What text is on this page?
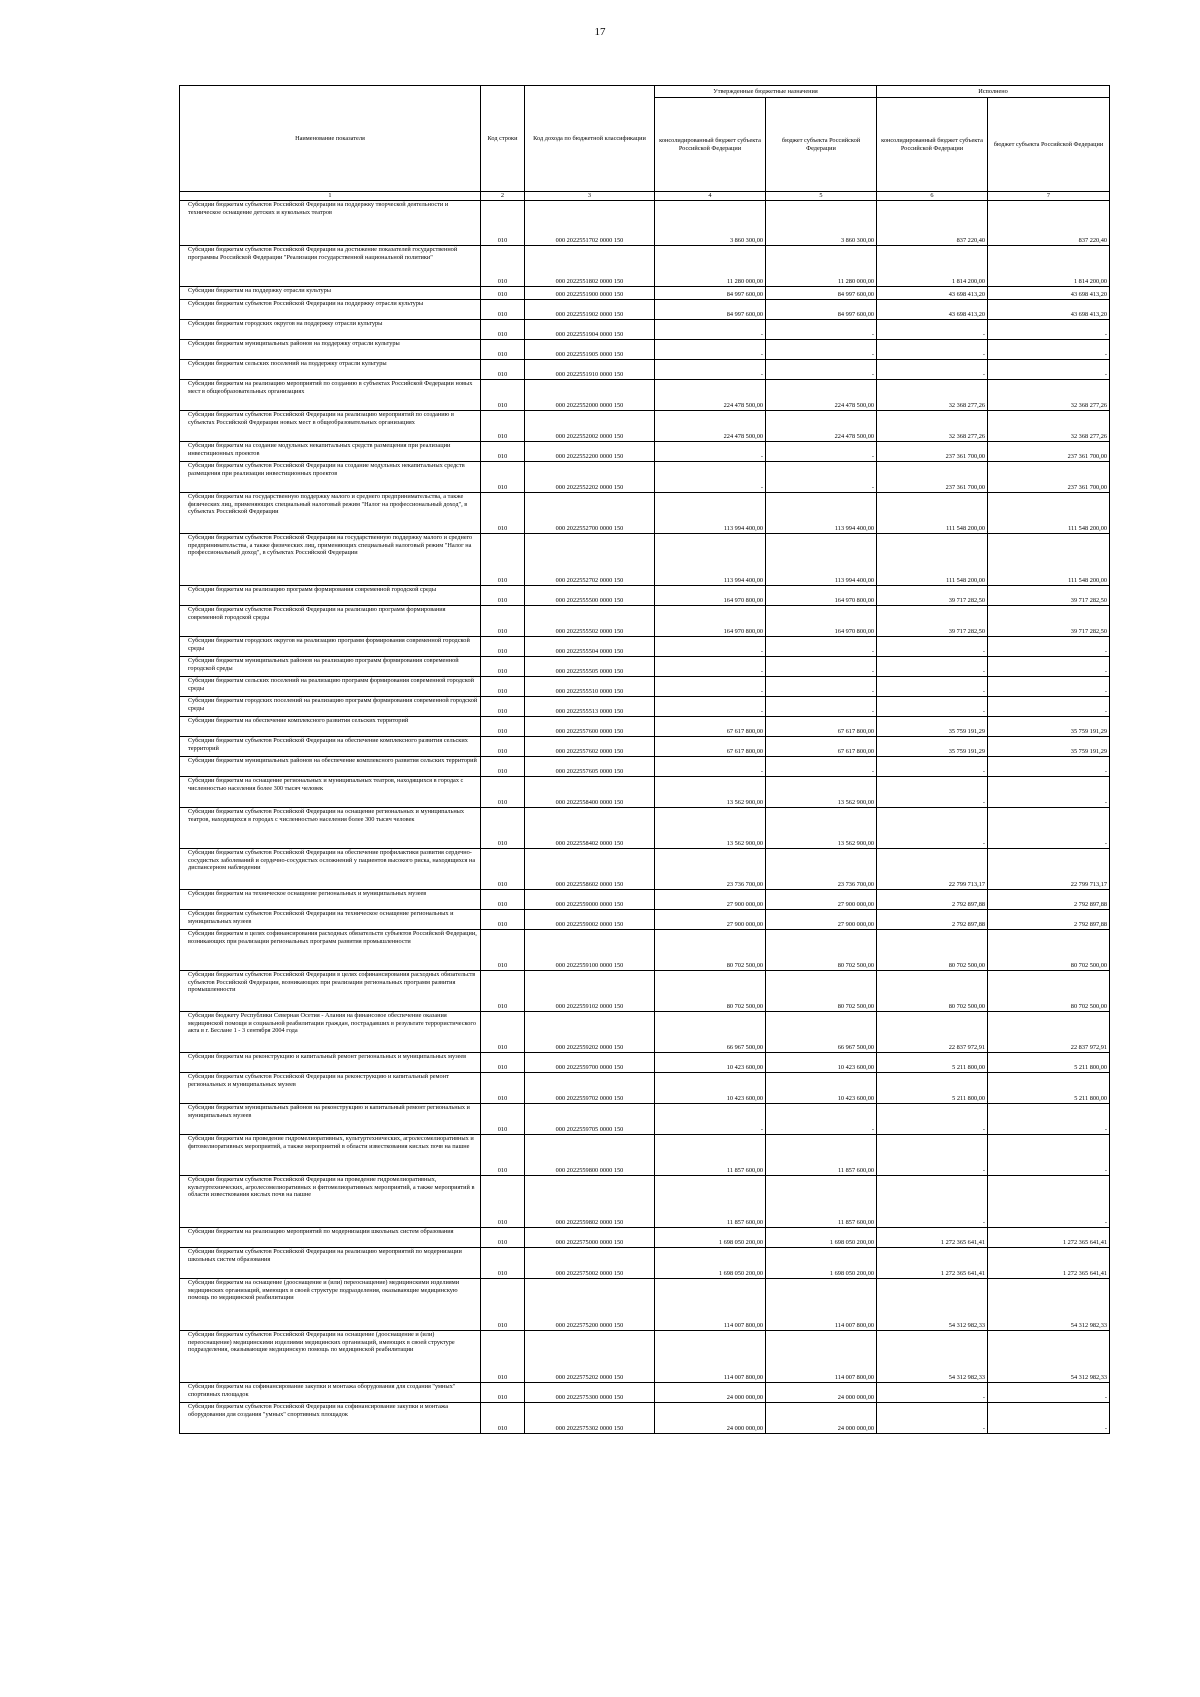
17
Наименование показателя	Код строки	Код дохода по бюджетной классификации	Утвержденные бюджетные назначения		Исполнено	
			консолидированный бюджет субъекта Российской Федерации	бюджет субъекта Российской Федерации	консолидированный бюджет субъекта Российской Федерации	бюджет субъекта Российской Федерации
1	2	3	4	5	6	7
Субсидии бюджетам субъектов Российской Федерации на поддержку творческой деятельности и техническое оснащение детских и кукольных театров	010	000 2022551702 0000 150	3 860 300,00	3 860 300,00	837 220,40	837 220,40
Субсидии бюджетам субъектов Российской Федерации на достижение показателей государственной программы Российской Федерации "Реализация государственной национальной политики"	010	000 2022551802 0000 150	11 280 000,00	11 280 000,00	1 814 200,00	1 814 200,00
Субсидии бюджетам на поддержку отрасли культуры	010	000 2022551900 0000 150	84 997 600,00	84 997 600,00	43 698 413,20	43 698 413,20
Субсидии бюджетам субъектов Российской Федерации на поддержку отрасли культуры	010	000 2022551902 0000 150	84 997 600,00	84 997 600,00	43 698 413,20	43 698 413,20
Субсидии бюджетам городских округов на поддержку отрасли культуры	010	000 2022551904 0000 150	-	-	-	-
Субсидии бюджетам муниципальных районов на поддержку отрасли культуры	010	000 2022551905 0000 150	-	-	-	-
Субсидии бюджетам сельских поселений на поддержку отрасли культуры	010	000 2022551910 0000 150	-	-	-	-
Субсидии бюджетам на реализацию мероприятий по созданию в субъектах Российской Федерации новых мест в общеобразовательных организациях	010	000 2022552000 0000 150	224 478 500,00	224 478 500,00	32 368 277,26	32 368 277,26
Субсидии бюджетам субъектов Российской Федерации на реализацию мероприятий по созданию в субъектах Российской Федерации новых мест в общеобразовательных организациях	010	000 2022552002 0000 150	224 478 500,00	224 478 500,00	32 368 277,26	32 368 277,26
Субсидии бюджетам на создание модульных некапитальных средств размещения при реализации инвестиционных проектов	010	000 2022552200 0000 150	-	-	237 361 700,00	237 361 700,00
Субсидии бюджетам субъектов Российской Федерации на создание модульных некапитальных средств размещения при реализации инвестиционных проектов	010	000 2022552202 0000 150	-	-	237 361 700,00	237 361 700,00
Субсидии бюджетам на государственную поддержку малого и среднего предпринимательства, а также физических лиц, применяющих специальный налоговый режим "Налог на профессиональный доход", в субъектах Российской Федерации	010	000 2022552700 0000 150	113 994 400,00	113 994 400,00	111 548 200,00	111 548 200,00
Субсидии бюджетам субъектов Российской Федерации на государственную поддержку малого и среднего предпринимательства, а также физических лиц, применяющих специальный налоговый режим "Налог на профессиональный доход", в субъектах Российской Федерации	010	000 2022552702 0000 150	113 994 400,00	113 994 400,00	111 548 200,00	111 548 200,00
Субсидии бюджетам на реализацию программ формирования современной городской среды	010	000 2022555500 0000 150	164 970 800,00	164 970 800,00	39 717 282,50	39 717 282,50
Субсидии бюджетам субъектов Российской Федерации на реализацию программ формирования современной городской среды	010	000 2022555502 0000 150	164 970 800,00	164 970 800,00	39 717 282,50	39 717 282,50
Субсидии бюджетам городских округов на реализацию программ формирования современной городской среды	010	000 2022555504 0000 150	-	-	-	-
Субсидии бюджетам муниципальных районов на реализацию программ формирования современной городской среды	010	000 2022555505 0000 150	-	-	-	-
Субсидии бюджетам сельских поселений на реализацию программ формирования современной городской среды	010	000 2022555510 0000 150	-	-	-	-
Субсидии бюджетам городских поселений на реализацию программ формирования современной городской среды	010	000 2022555513 0000 150	-	-	-	-
Субсидии бюджетам на обеспечение комплексного развития сельских территорий	010	000 2022557600 0000 150	67 617 800,00	67 617 800,00	35 759 191,29	35 759 191,29
Субсидии бюджетам субъектов Российской Федерации на обеспечение комплексного развития сельских территорий	010	000 2022557602 0000 150	67 617 800,00	67 617 800,00	35 759 191,29	35 759 191,29
Субсидии бюджетам муниципальных районов на обеспечение комплексного развития сельских территорий	010	000 2022557605 0000 150	-	-	-	-
Субсидии бюджетам на оснащение региональных и муниципальных театров, находящихся в городах с численностью населения более 300 тысяч человек	010	000 2022558400 0000 150	13 562 900,00	13 562 900,00	-	-
Субсидии бюджетам субъектов Российской Федерации на оснащение региональных и муниципальных театров, находящихся в городах с численностью населения более 300 тысяч человек	010	000 2022558402 0000 150	13 562 900,00	13 562 900,00	-	-
Субсидии бюджетам субъектов Российской Федерации на обеспечение профилактики развития сердечно-сосудистых заболеваний и сердечно-сосудистых осложнений у пациентов высокого риска, находящихся на диспансерном наблюдении	010	000 2022558602 0000 150	23 736 700,00	23 736 700,00	22 799 713,17	22 799 713,17
Субсидии бюджетам на техническое оснащение региональных и муниципальных музеев	010	000 2022559000 0000 150	27 900 000,00	27 900 000,00	2 792 897,88	2 792 897,88
Субсидии бюджетам субъектов Российской Федерации на техническое оснащение региональных и муниципальных музеев	010	000 2022559002 0000 150	27 900 000,00	27 900 000,00	2 792 897,88	2 792 897,88
Субсидии бюджетам в целях софинансирования расходных обязательств субъектов Российской Федерации, возникающих при реализации региональных программ развития промышленности	010	000 2022559100 0000 150	80 702 500,00	80 702 500,00	80 702 500,00	80 702 500,00
Субсидии бюджетам субъектов Российской Федерации в целях софинансирования расходных обязательств субъектов Российской Федерации, возникающих при реализации региональных программ развития промышленности	010	000 2022559102 0000 150	80 702 500,00	80 702 500,00	80 702 500,00	80 702 500,00
Субсидия бюджету Республики Северная Осетия - Алания на финансовое обеспечение оказания медицинской помощи и социальной реабилитации граждан, пострадавших в результате террористического акта в г. Беслане 1 - 3 сентября 2004 года	010	000 2022559202 0000 150	66 967 500,00	66 967 500,00	22 837 972,91	22 837 972,91
Субсидии бюджетам на реконструкцию и капитальный ремонт региональных и муниципальных музеев	010	000 2022559700 0000 150	10 423 600,00	10 423 600,00	5 211 800,00	5 211 800,00
Субсидии бюджетам субъектов Российской Федерации на реконструкцию и капитальный ремонт региональных и муниципальных музеев	010	000 2022559702 0000 150	10 423 600,00	10 423 600,00	5 211 800,00	5 211 800,00
Субсидии бюджетам муниципальных районов на реконструкцию и капитальный ремонт региональных и муниципальных музеев	010	000 2022559705 0000 150	-	-	-	-
Субсидии бюджетам на проведение гидромелиоративных, культуртехнических, агролесомелиоративных и фитомелиоративных мероприятий, а также мероприятий в области известкования кислых почв на пашне	010	000 2022559800 0000 150	11 857 600,00	11 857 600,00	-	-
Субсидии бюджетам субъектов Российской Федерации на проведение гидромелиоративных, культуртехнических, агролесомелиоративных и фитомелиоративных мероприятий, а также мероприятий в области известкования кислых почв на пашне	010	000 2022559802 0000 150	11 857 600,00	11 857 600,00	-	-
Субсидии бюджетам на реализацию мероприятий по модернизации школьных систем образования	010	000 2022575000 0000 150	1 698 050 200,00	1 698 050 200,00	1 272 365 641,41	1 272 365 641,41
Субсидии бюджетам субъектов Российской Федерации на реализацию мероприятий по модернизации школьных систем образования	010	000 2022575002 0000 150	1 698 050 200,00	1 698 050 200,00	1 272 365 641,41	1 272 365 641,41
Субсидии бюджетам на оснащение (дооснащение и (или) переоснащение) медицинскими изделиями медицинских организаций, имеющих в своей структуре подразделения, оказывающие медицинскую помощь по медицинской реабилитации	010	000 2022575200 0000 150	114 007 800,00	114 007 800,00	54 312 982,33	54 312 982,33
Субсидии бюджетам субъектов Российской Федерации на оснащение (дооснащение и (или) переоснащение) медицинскими изделиями медицинских организаций, имеющих в своей структуре подразделения, оказывающие медицинскую помощь по медицинской реабилитации	010	000 2022575202 0000 150	114 007 800,00	114 007 800,00	54 312 982,33	54 312 982,33
Субсидии бюджетам на софинансирование закупки и монтажа оборудования для создания "умных" спортивных площадок	010	000 2022575300 0000 150	24 000 000,00	24 000 000,00	-	-
Субсидии бюджетам субъектов Российской Федерации на софинансирование закупки и монтажа оборудования для создания "умных" спортивных площадок	010	000 2022575302 0000 150	24 000 000,00	24 000 000,00	-	-
